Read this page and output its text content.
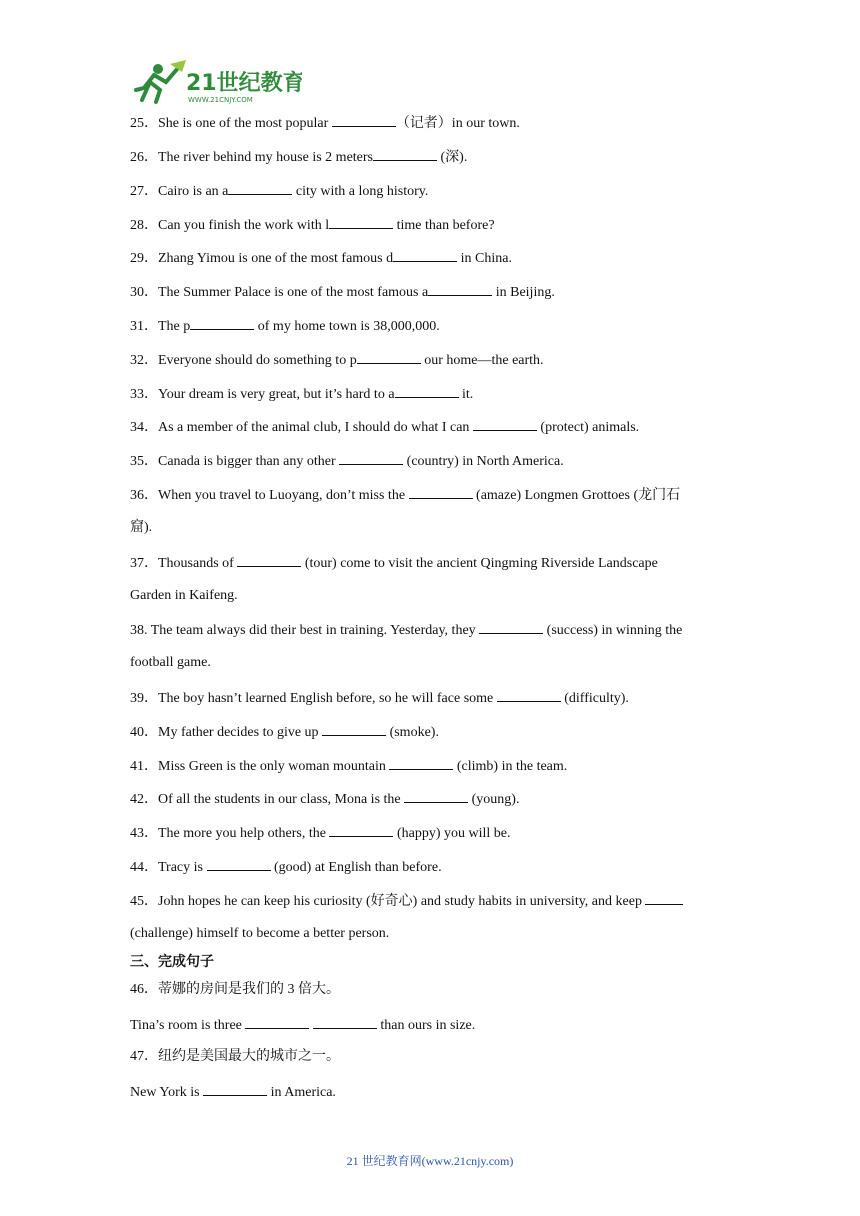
21世纪教育
WWW.21CNJY.COM
25．She is one of the most popular	（记者）in our town.
26．The river behind my house is 2 meters	(深).
27．Cairo is an a	city with a long history.
28．Can you finish the work with l	time than before?
29．Zhang Yimou is one of the most famous d	in China.
30．The Summer Palace is one of the most famous a	in Beijing.
31．The p	of my home town is 38,000,000.
32．Everyone should do something to p	our home—the earth.
33．Your dream is very great, but it’s hard to a	it.
34．As a member of the animal club, I should do what I can	(protect) animals.
35．Canada is bigger than any other	(country) in North America.
36．When you travel to Luoyang, don’t miss the	(amaze) Longmen Grottoes (龙门石
窟).
37．Thousands of	(tour) come to visit the ancient Qingming Riverside Landscape
Garden in Kaifeng.
38. The team always did their best in training. Yesterday, they	(success) in winning the
football game.
39．The boy hasn’t learned English before, so he will face some	(difficulty).
40．My father decides to give up	(smoke).
41．Miss Green is the only woman mountain	(climb) in the team.
42．Of all the students in our class, Mona is the	(young).
43．The more you help others, the	(happy) you will be.
44．Tracy is	(good) at English than before.
45．John hopes he can keep his curiosity (好奇心) and study habits in university, and keep
(challenge) himself to become a better person.
三、完成句子
46．蒂娜的房间是我们的 3 倍大。
Tina’s room is three	than ours in size.
47．纽约是美国最大的城市之一。
New York is	in America.
21 世纪教育网(www.21cnjy.com)
